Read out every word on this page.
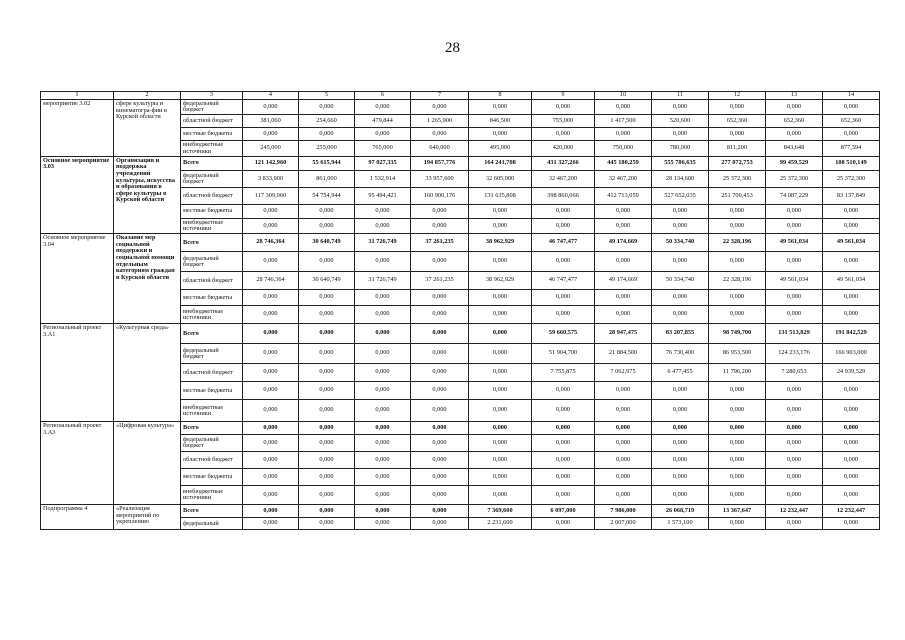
28
1	2	3	4	5	6	7	8	9	10	11	12	13	14
мероприятие 3.02	сфере культуры и кинематогра-фии в Курской области	федеральный бюджет	0,000	0,000	0,000	0,000	0,000	0,000	0,000	0,000	0,000	0,000	0,000
		областной бюджет	381,060	254,660	479,844	1 265,900	846,500	755,000	1 417,500	520,600	652,360	652,360	652,360
		местные бюджеты	0,000	0,000	0,000	0,000	0,000	0,000	0,000	0,000	0,000	0,000	0,000
		внебюджетные источники	245,000	255,000	765,000	640,000	495,000	420,000	750,000	780,000	811,200	843,648	877,394
Основное мероприятие 3.03	Организация и поддержка учреждений культуры, искусства и образования в сфере культуры в Курской области	Всего	121 142,960	55 615,944	97 027,335	194 857,776	164 241,708	431 327,266	445 180,259	555 786,635	277 072,753	99 459,529	108 510,149
		федеральный бюджет	3 833,900	861,000	1 532,914	33 957,600	32 605,900	32 467,200	32 467,200	28 134,600	25 372,300	25 372,300	25 372,300
		областной бюджет	117 309,060	54 754,944	95 494,421	160 900,176	131 635,808	398 860,066	412 713,059	527 652,035	251 700,453	74 087,229	83 137,849
		местные бюджеты	0,000	0,000	0,000	0,000	0,000	0,000	0,000	0,000	0,000	0,000	0,000
		внебюджетные источники	0,000	0,000	0,000	0,000	0,000	0,000	0,000	0,000	0,000	0,000	0,000
Основное мероприятие 3.04	Оказание мер социальной поддержки и социальной помощи отдельным категориям граждан в Курской области	Всего	28 746,364	30 640,749	31 726,749	37 261,235	38 962,929	46 747,477	49 174,669	50 334,740	22 328,196	49 561,034	49 561,034
		федеральный бюджет	0,000	0,000	0,000	0,000	0,000	0,000	0,000	0,000	0,000	0,000	0,000
		областной бюджет	28 746,364	30 640,749	31 726,749	37 261,235	38 962,929	46 747,477	49 174,669	50 334,740	22 328,196	49 561,034	49 561,034
		местные бюджеты	0,000	0,000	0,000	0,000	0,000	0,000	0,000	0,000	0,000	0,000	0,000
		внебюджетные источники	0,000	0,000	0,000	0,000	0,000	0,000	0,000	0,000	0,000	0,000	0,000
Региональный проект 3.А1	«Культурная среда»	Всего	0,000	0,000	0,000	0,000	0,000	59 660,575	28 947,475	83 207,855	98 749,700	131 513,829	191 842,529
		федеральный бюджет	0,000	0,000	0,000	0,000	0,000	51 904,700	21 884,500	76 730,400	86 953,500	124 233,176	166 903,000
		областной бюджет	0,000	0,000	0,000	0,000	0,000	7 755,875	7 062,975	6 477,455	11 796,200	7 280,653	24 939,529
		местные бюджеты	0,000	0,000	0,000	0,000	0,000	0,000	0,000	0,000	0,000	0,000	0,000
		внебюджетные источники	0,000	0,000	0,000	0,000	0,000	0,000	0,000	0,000	0,000	0,000	0,000
Региональный проект 3.А3	«Цифровая культура»	Всего	0,000	0,000	0,000	0,000	0,000	0,000	0,000	0,000	0,000	0,000	0,000
		федеральный бюджет	0,000	0,000	0,000	0,000	0,000	0,000	0,000	0,000	0,000	0,000	0,000
		областной бюджет	0,000	0,000	0,000	0,000	0,000	0,000	0,000	0,000	0,000	0,000	0,000
		местные бюджеты	0,000	0,000	0,000	0,000	0,000	0,000	0,000	0,000	0,000	0,000	0,000
		внебюджетные источники	0,000	0,000	0,000	0,000	0,000	0,000	0,000	0,000	0,000	0,000	0,000
Подпрограмма 4	«Реализация мероприятий по укреплению	Всего	0,000	0,000	0,000	0,000	7 369,600	6 097,000	7 986,000	26 068,719	13 367,647	12 232,447	12 232,447
		федеральный	0,000	0,000	0,000	0,000	2 231,600	0,000	2 007,000	1 573,100	0,000	0,000	0,000
